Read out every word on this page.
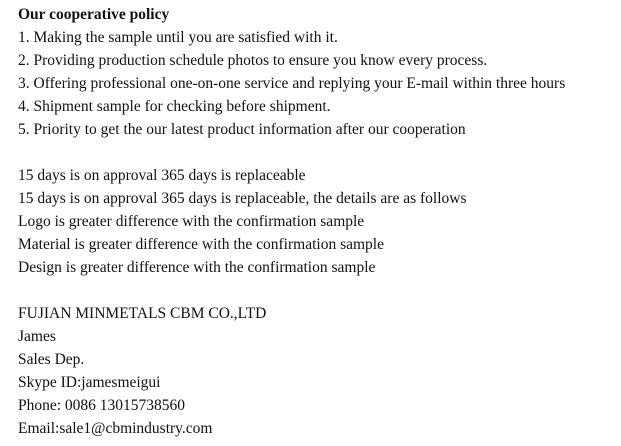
Our cooperative policy
1. Making the sample until you are satisfied with it.
2. Providing production schedule photos to ensure you know every process.
3. Offering professional one-on-one service and replying your E-mail within three hours
4. Shipment sample for checking before shipment.
5. Priority to get the our latest product information after our cooperation
15 days is on approval 365 days is replaceable
15 days is on approval 365 days is replaceable, the details are as follows
Logo is greater difference with the confirmation sample
Material is greater difference with the confirmation sample
Design is greater difference with the confirmation sample
FUJIAN MINMETALS CBM CO.,LTD
James
Sales Dep.
Skype ID:jamesmeigui
Phone: 0086 13015738560
Email:sale1@cbmindustry.com
